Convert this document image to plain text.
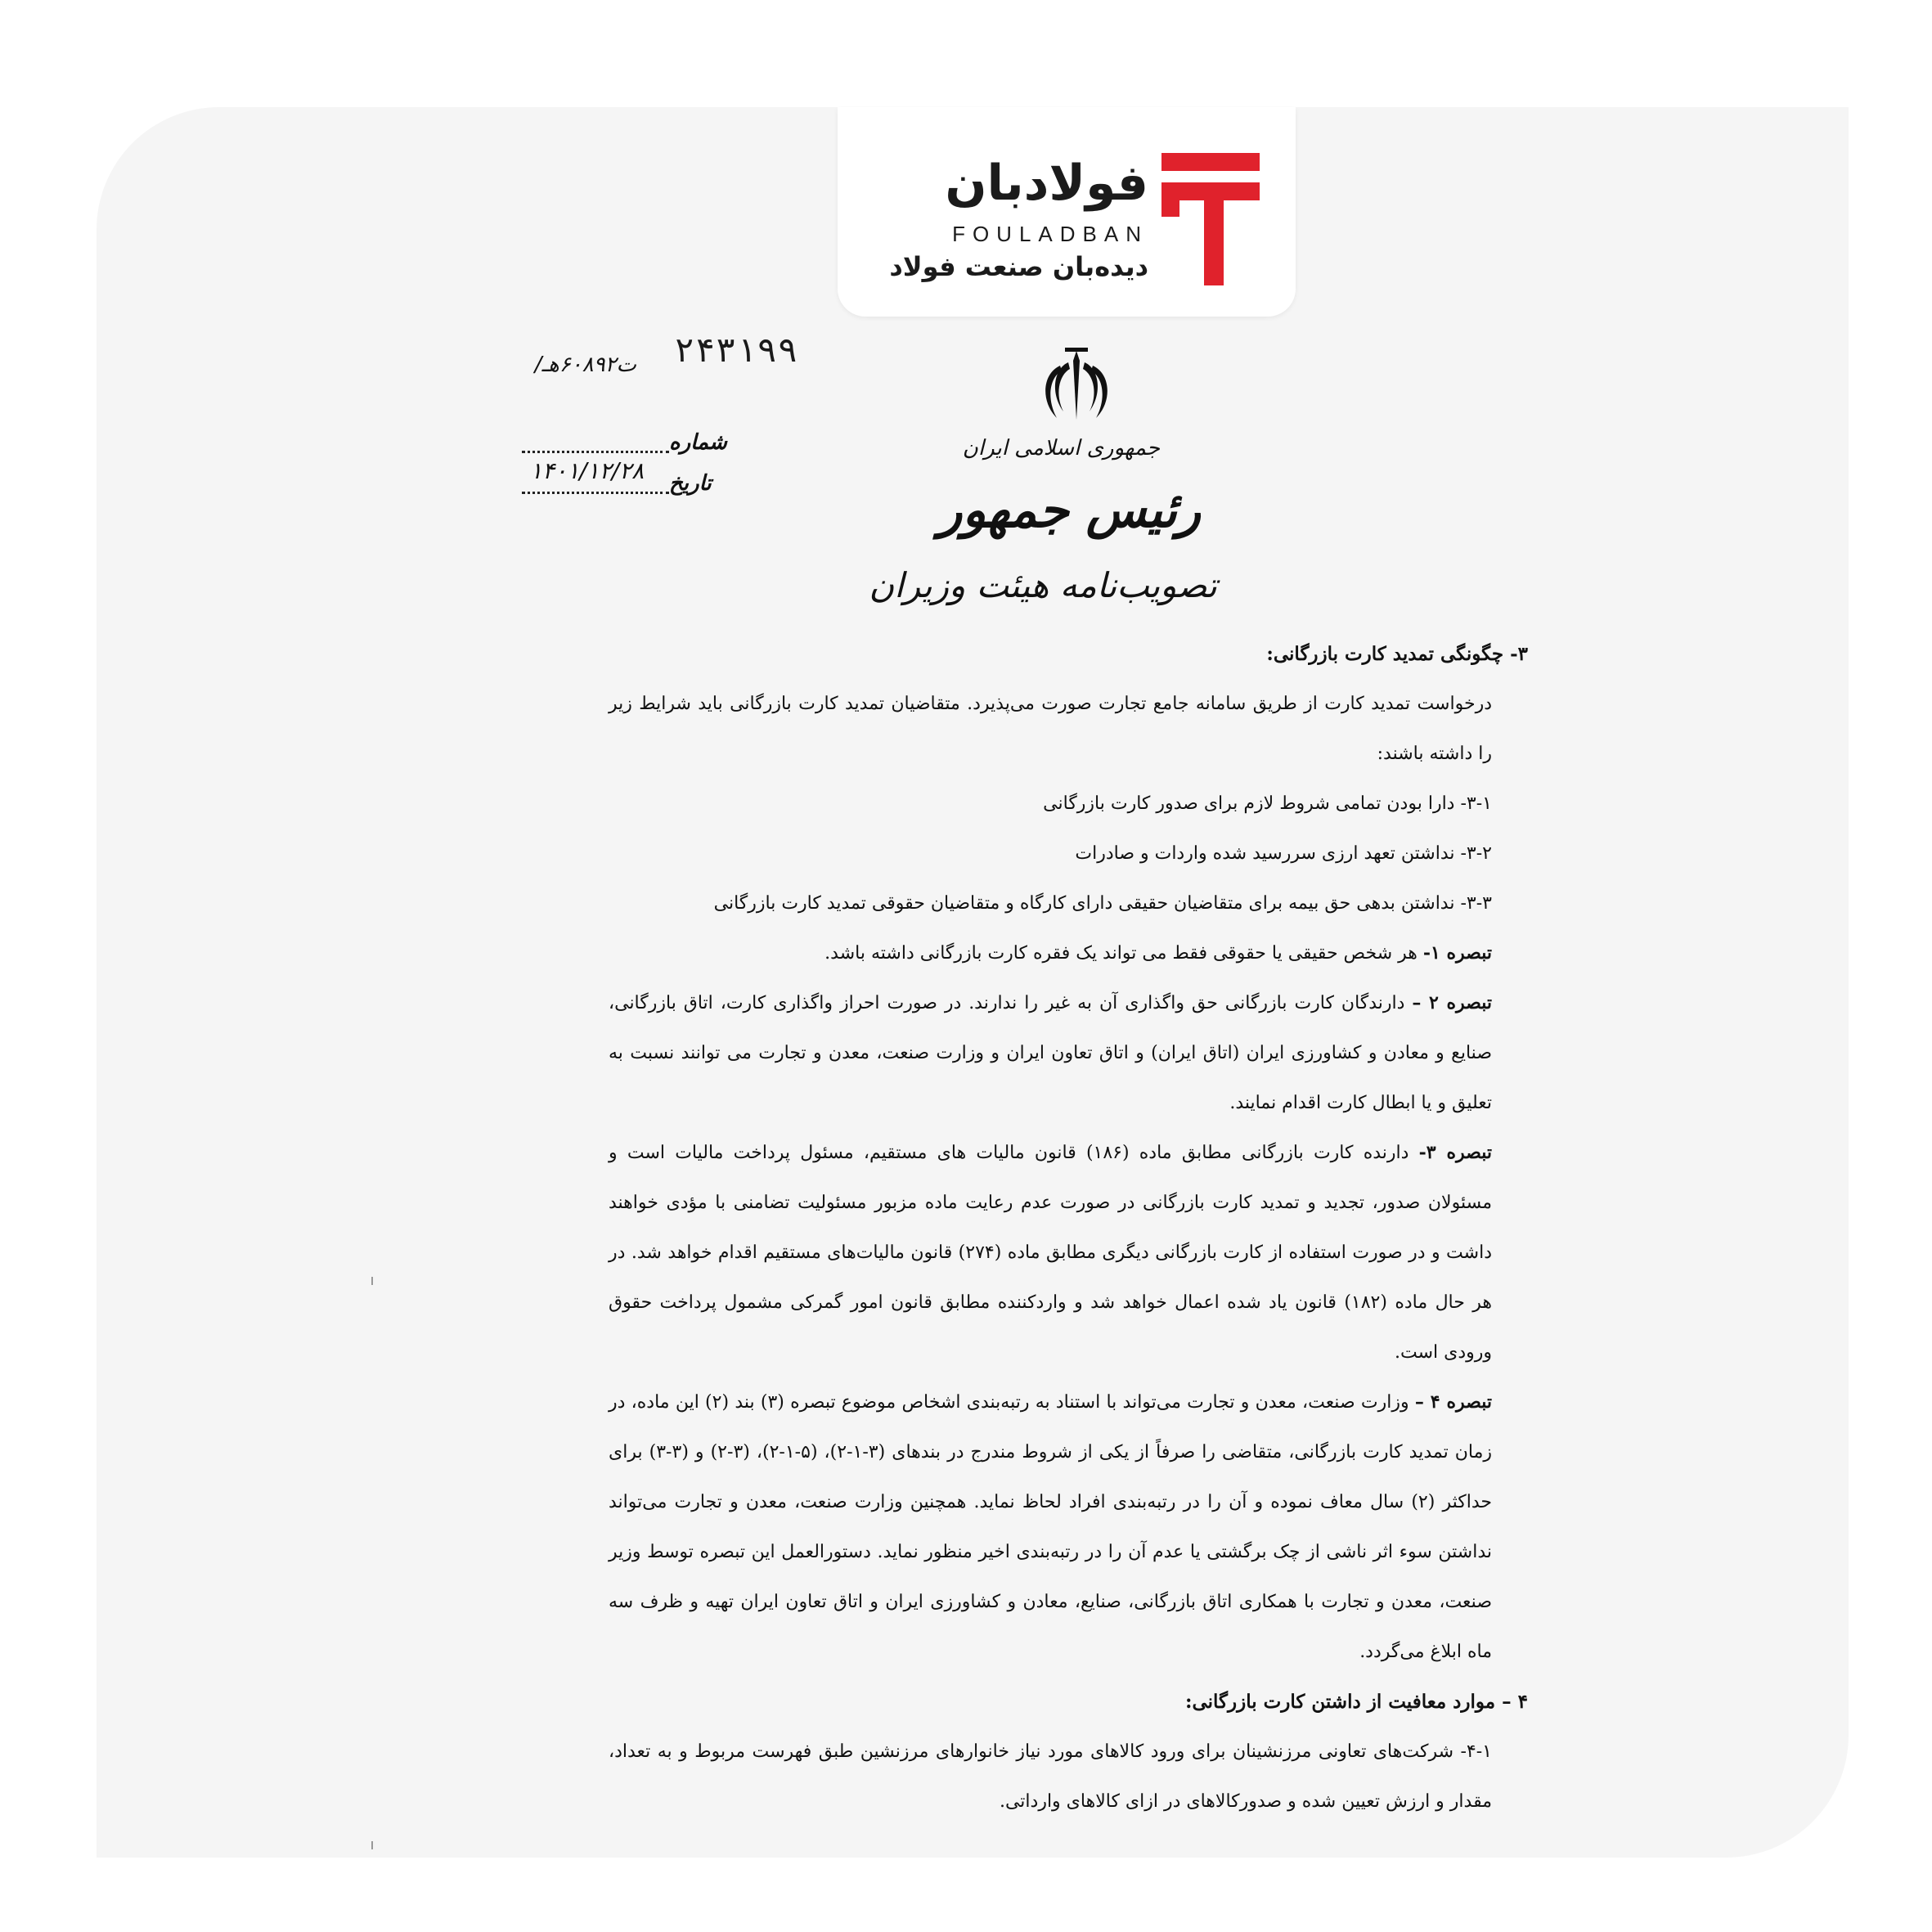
فولادبان
FOULADBAN
دیده‌بان صنعت فولاد
جمهوری اسلامی ایران
رئیس جمهور
تصویب‌نامه هیئت وزیران
۲۴۳۱۹۹
ت۶۰۸۹۲هـ/
شماره
تاریخ
۱۴۰۱/۱۲/۲۸

۳- چگونگی تمدید کارت بازرگانی:

درخواست تمدید کارت از طریق سامانه جامع تجارت صورت می‌پذیرد. متقاضیان تمدید کارت بازرگانی باید شرایط زیر را داشته باشند:

۳-۱- دارا بودن تمامی شروط لازم برای صدور کارت بازرگانی

۳-۲- نداشتن تعهد ارزی سررسید شده واردات و صادرات

۳-۳- نداشتن بدهی حق بیمه برای متقاضیان حقیقی دارای کارگاه و متقاضیان حقوقی تمدید کارت بازرگانی

تبصره ۱- هر شخص حقیقی یا حقوقی فقط می تواند یک فقره کارت بازرگانی داشته باشد.

تبصره ۲ – دارندگان کارت بازرگانی حق واگذاری آن به غیر را ندارند. در صورت احراز واگذاری کارت، اتاق بازرگانی، صنایع و معادن و کشاورزی ایران (اتاق ایران) و اتاق تعاون ایران و وزارت صنعت، معدن و تجارت می توانند نسبت به تعلیق و یا ابطال کارت اقدام نمایند.

تبصره ۳- دارنده کارت بازرگانی مطابق ماده (۱۸۶) قانون مالیات های مستقیم، مسئول پرداخت مالیات است و مسئولان صدور، تجدید و تمدید کارت بازرگانی در صورت عدم رعایت ماده مزبور مسئولیت تضامنی با مؤدی خواهند داشت و در صورت استفاده از کارت بازرگانی دیگری مطابق ماده (۲۷۴) قانون مالیات‌های مستقیم اقدام خواهد شد. در هر حال ماده (۱۸۲) قانون یاد شده اعمال خواهد شد و واردکننده مطابق قانون امور گمرکی مشمول پرداخت حقوق ورودی است.

تبصره ۴ – وزارت صنعت، معدن و تجارت می‌تواند با استناد به رتبه‌بندی اشخاص موضوع تبصره (۳) بند (۲) این ماده، در زمان تمدید کارت بازرگانی، متقاضی را صرفاً از یکی از شروط مندرج در بندهای (۳-۱-۲)، (۵-۱-۲)، (۳-۲) و (۳-۳) برای حداکثر (۲) سال معاف نموده و آن را در رتبه‌بندی افراد لحاظ نماید. همچنین وزارت صنعت، معدن و تجارت می‌تواند نداشتن سوء اثر ناشی از چک برگشتی یا عدم آن را در رتبه‌بندی اخیر منظور نماید. دستورالعمل این تبصره توسط وزیر صنعت، معدن و تجارت با همکاری اتاق بازرگانی، صنایع، معادن و کشاورزی ایران و اتاق تعاون ایران تهیه و ظرف سه ماه ابلاغ می‌گردد.

۴ – موارد معافیت از داشتن کارت بازرگانی:

۴-۱- شرکت‌های تعاونی مرزنشینان برای ورود کالاهای مورد نیاز خانوارهای مرزنشین طبق فهرست مربوط و به تعداد، مقدار و ارزش تعیین شده و صدورکالاهای در ازای کالاهای وارداتی.
